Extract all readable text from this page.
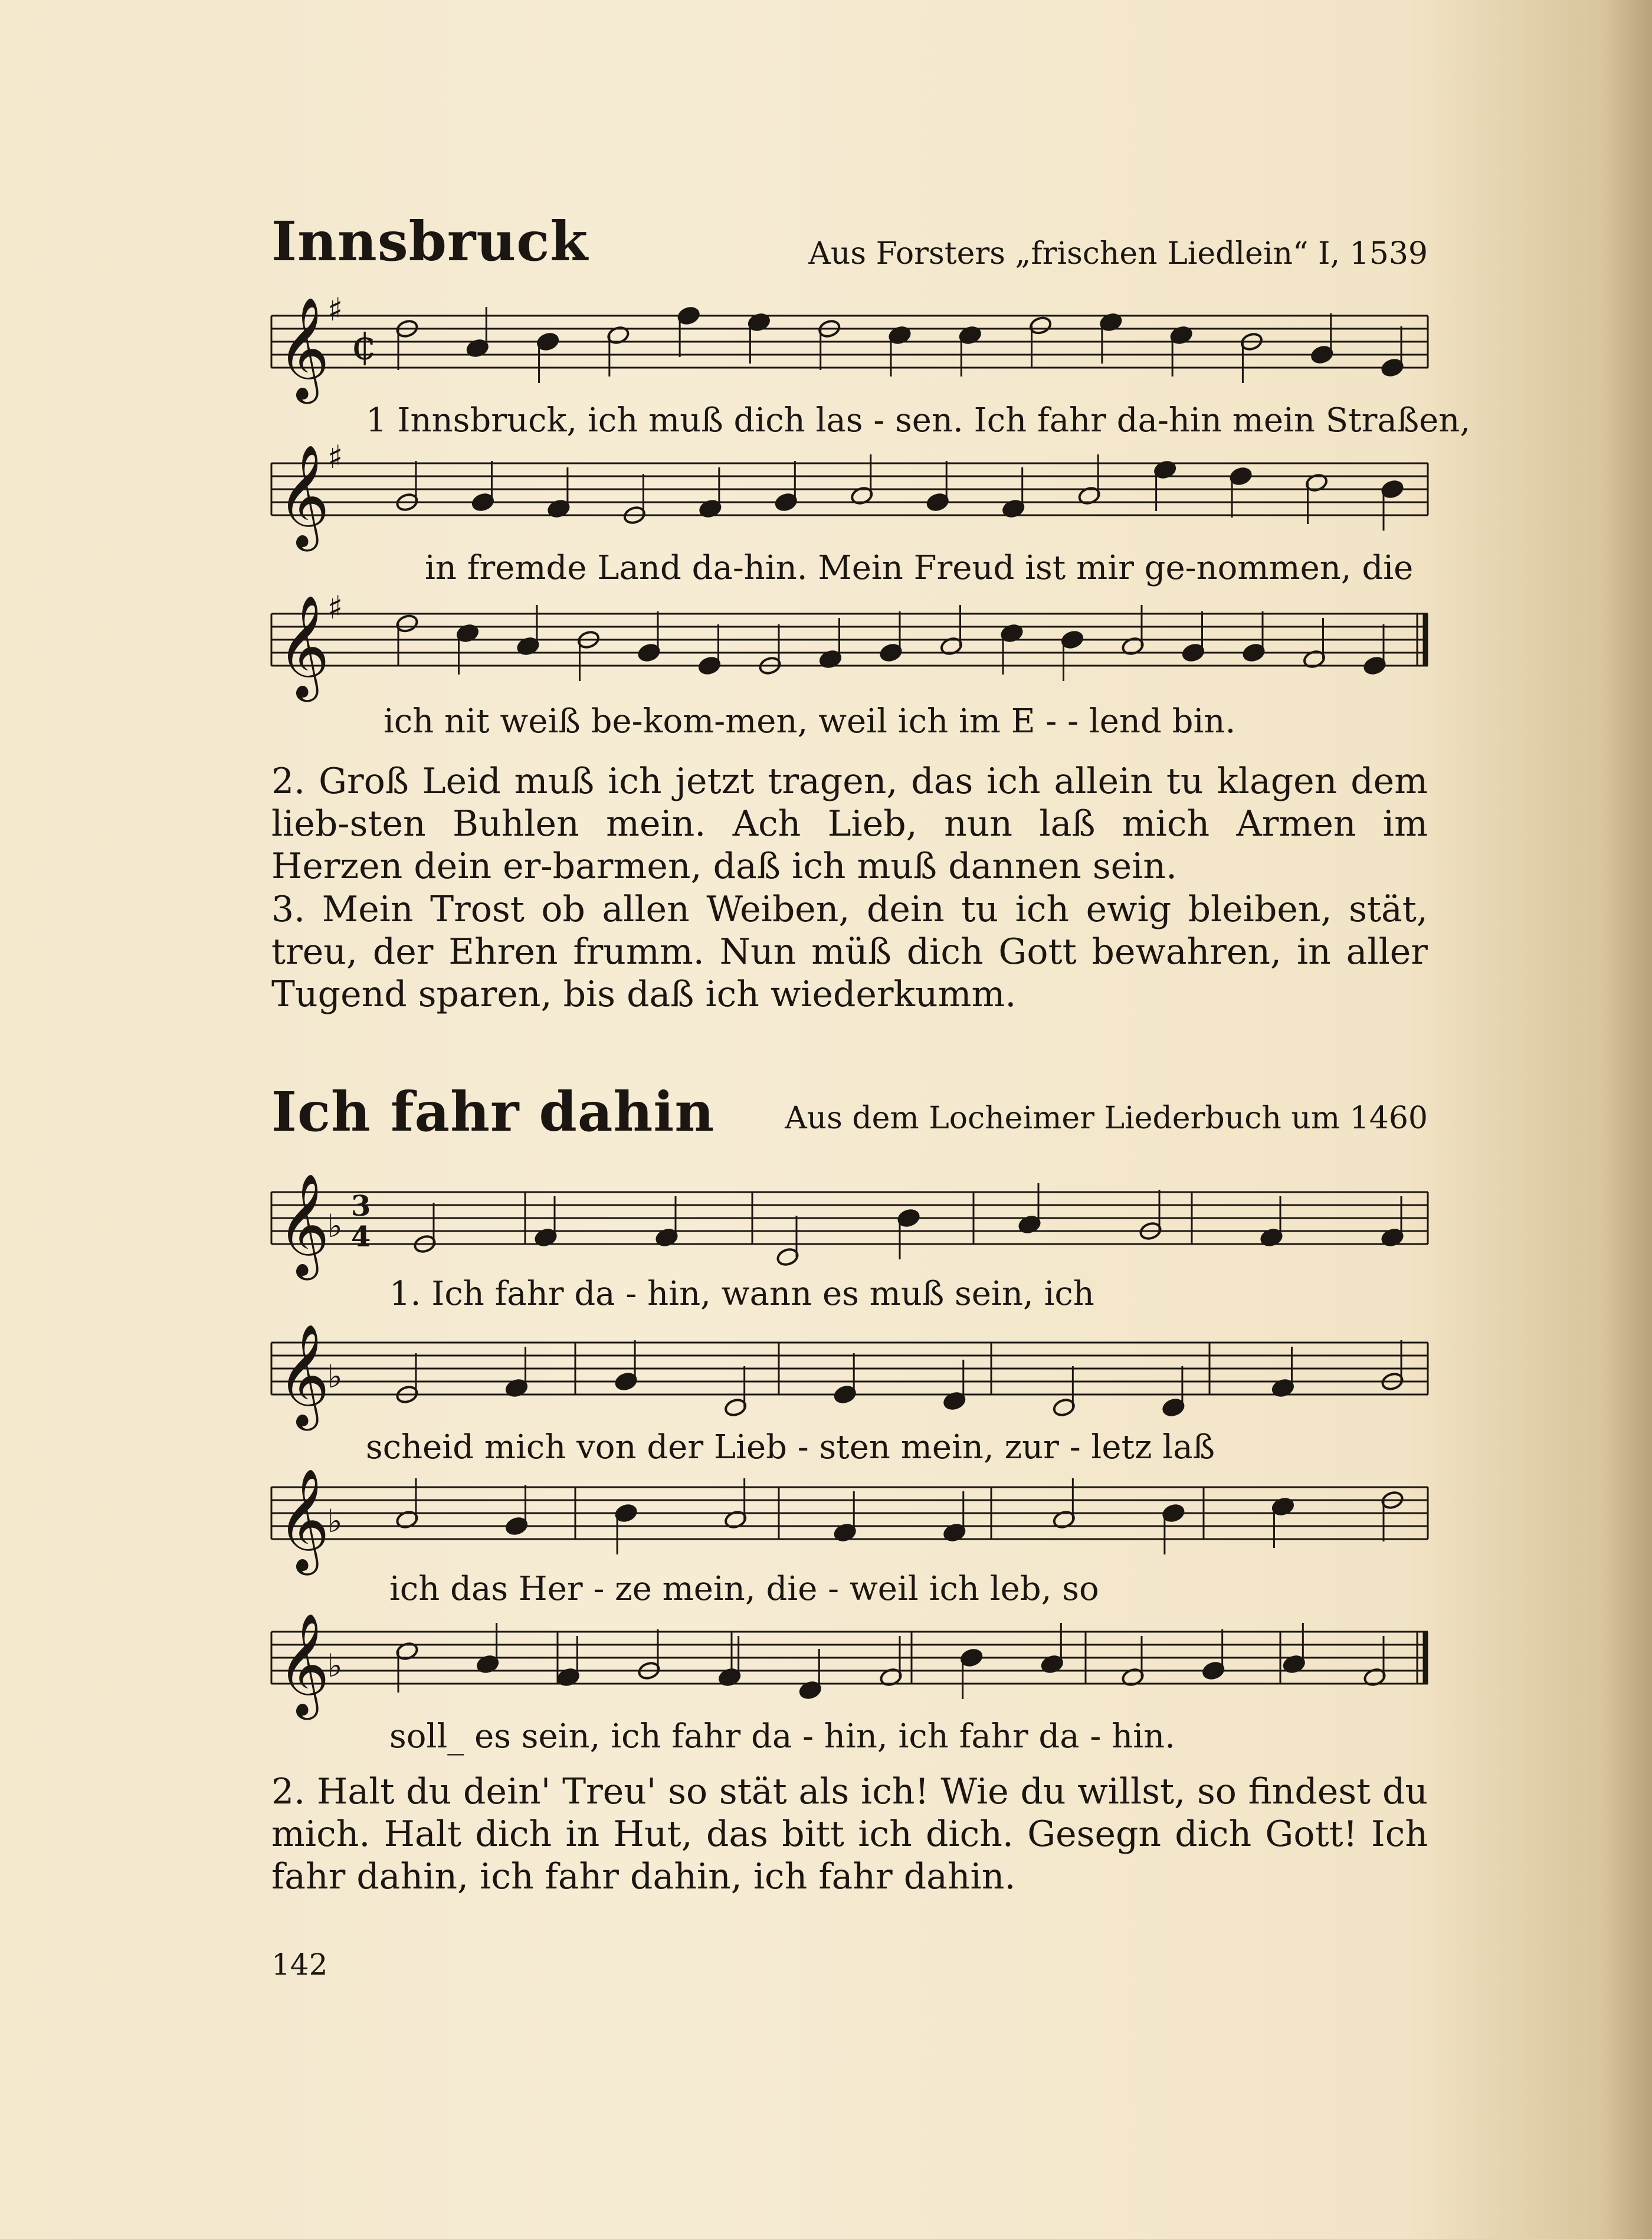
Innsbruck	Aus Forsters „frischen Liedlein“ I, 1539
𝄞
♯
¢
𝄞
♯
𝄞
♯
𝄞
♭
3
4
𝄞
♭
𝄞
♭
𝄞
♭
1 Innsbruck, ich muß dich las - sen. Ich fahr da-hin mein Straßen,
in fremde Land da-hin. Mein Freud ist mir ge-nommen, die
ich nit weiß be-kom-men, weil ich im E - - lend bin.
2. Groß Leid muß ich jetzt tragen, das ich allein tu klagen dem lieb-sten Buhlen mein. Ach Lieb, nun laß mich Armen im Herzen dein er-barmen, daß ich muß dannen sein.
3. Mein Trost ob allen Weiben, dein tu ich ewig bleiben, stät, treu, der Ehren frumm. Nun müß dich Gott bewahren, in aller Tugend sparen, bis daß ich wiederkumm.
Ich fahr dahin	Aus dem Locheimer Liederbuch um 1460
1. Ich fahr da - hin, wann es muß sein, ich
scheid mich von der Lieb - sten mein, zur - letz laß
ich das Her - ze mein, die - weil ich leb, so
soll_ es sein, ich fahr da - hin, ich fahr da - hin.
2. Halt du dein' Treu' so stät als ich! Wie du willst, so findest du mich. Halt dich in Hut, das bitt ich dich. Gesegn dich Gott! Ich fahr dahin, ich fahr dahin, ich fahr dahin.
142
